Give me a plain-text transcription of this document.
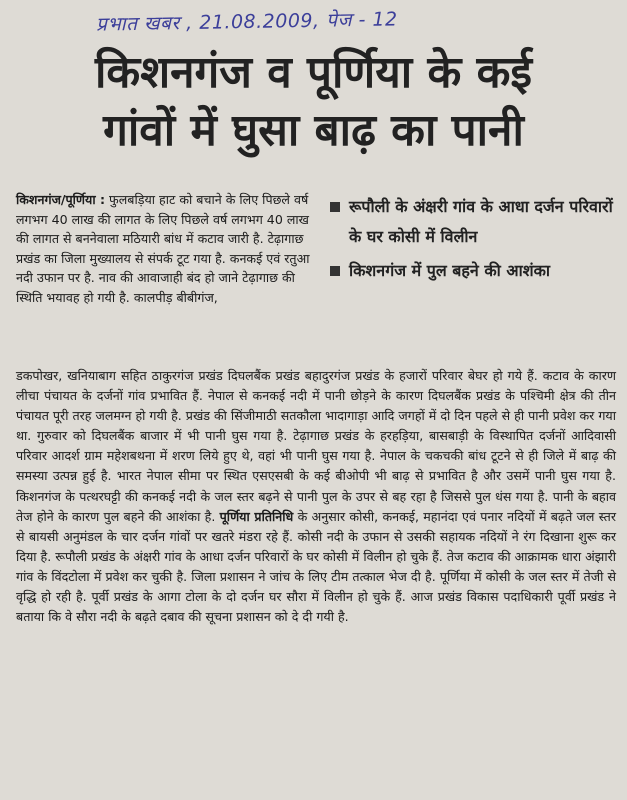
प्रभात खबर , 21.08.2009, पेज - 12
किशनगंज व पूर्णिया के कई
गांवों में घुसा बाढ़ का पानी
किशनगंज/पूर्णिया : फुलबड़िया हाट को बचाने के लिए पिछले वर्ष लगभग 40 लाख की लागत के लिए पिछले वर्ष लगभग 40 लाख की लागत से बननेवाला मठियारी बांध में कटाव जारी है. टेढ़ागाछ प्रखंड का जिला मुख्यालय से संपर्क टूट गया है. कनकई एवं रतुआ नदी उफान पर है. नाव की आवाजाही बंद हो जाने टेढ़ागाछ की स्थिति भयावह हो गयी है. कालपीड़ बीबीगंज,
रूपौली के अंक्षरी गांव के आधा दर्जन परिवारों के घर कोसी में विलीन
किशनगंज में पुल बहने की आशंका
डकपोखर, खनियाबाग सहित ठाकुरगंज प्रखंड दिघलबैंक प्रखंड बहादुरगंज प्रखंड के हजारों परिवार बेघर हो गये हैं. कटाव के कारण लीचा पंचायत के दर्जनों गांव प्रभावित हैं. नेपाल से कनकई नदी में पानी छोड़ने के कारण दिघलबैंक प्रखंड के पश्चिमी क्षेत्र की तीन पंचायत पूरी तरह जलमग्न हो गयी है. प्रखंड की सिंजीमाठी सतकौला भादागाड़ा आदि जगहों में दो दिन पहले से ही पानी प्रवेश कर गया था. गुरुवार को दिघलबैंक बाजार में भी पानी घुस गया है. टेढ़ागाछ प्रखंड के हरहड़िया, बासबाड़ी के विस्थापित दर्जनों आदिवासी परिवार आदर्श ग्राम महेशबथना में शरण लिये हुए थे, वहां भी पानी घुस गया है. नेपाल के चकचकी बांध टूटने से ही जिले में बाढ़ की समस्या उत्पन्न हुई है. भारत नेपाल सीमा पर स्थित एसएसबी के कई बीओपी भी बाढ़ से प्रभावित है और उसमें पानी घुस गया है. किशनगंज के पत्थरघट्टी की कनकई नदी के जल स्तर बढ़ने से पानी पुल के उपर से बह रहा है जिससे पुल धंस गया है. पानी के बहाव तेज होने के कारण पुल बहने की आशंका है. पूर्णिया प्रतिनिधि के अनुसार कोसी, कनकई, महानंदा एवं पनार नदियों में बढ़ते जल स्तर से बायसी अनुमंडल के चार दर्जन गांवों पर खतरे मंडरा रहे हैं. कोसी नदी के उफान से उसकी सहायक नदियों ने रंग दिखाना शुरू कर दिया है. रूपौली प्रखंड के अंक्षरी गांव के आधा दर्जन परिवारों के घर कोसी में विलीन हो चुके हैं. तेज कटाव की आक्रामक धारा अंझारी गांव के विंदटोला में प्रवेश कर चुकी है. जिला प्रशासन ने जांच के लिए टीम तत्काल भेज दी है. पूर्णिया में कोसी के जल स्तर में तेजी से वृद्धि हो रही है. पूर्वी प्रखंड के आगा टोला के दो दर्जन घर सौरा में विलीन हो चुके हैं. आज प्रखंड विकास पदाधिकारी पूर्वी प्रखंड ने बताया कि वे सौरा नदी के बढ़ते दबाव की सूचना प्रशासन को दे दी गयी है.
